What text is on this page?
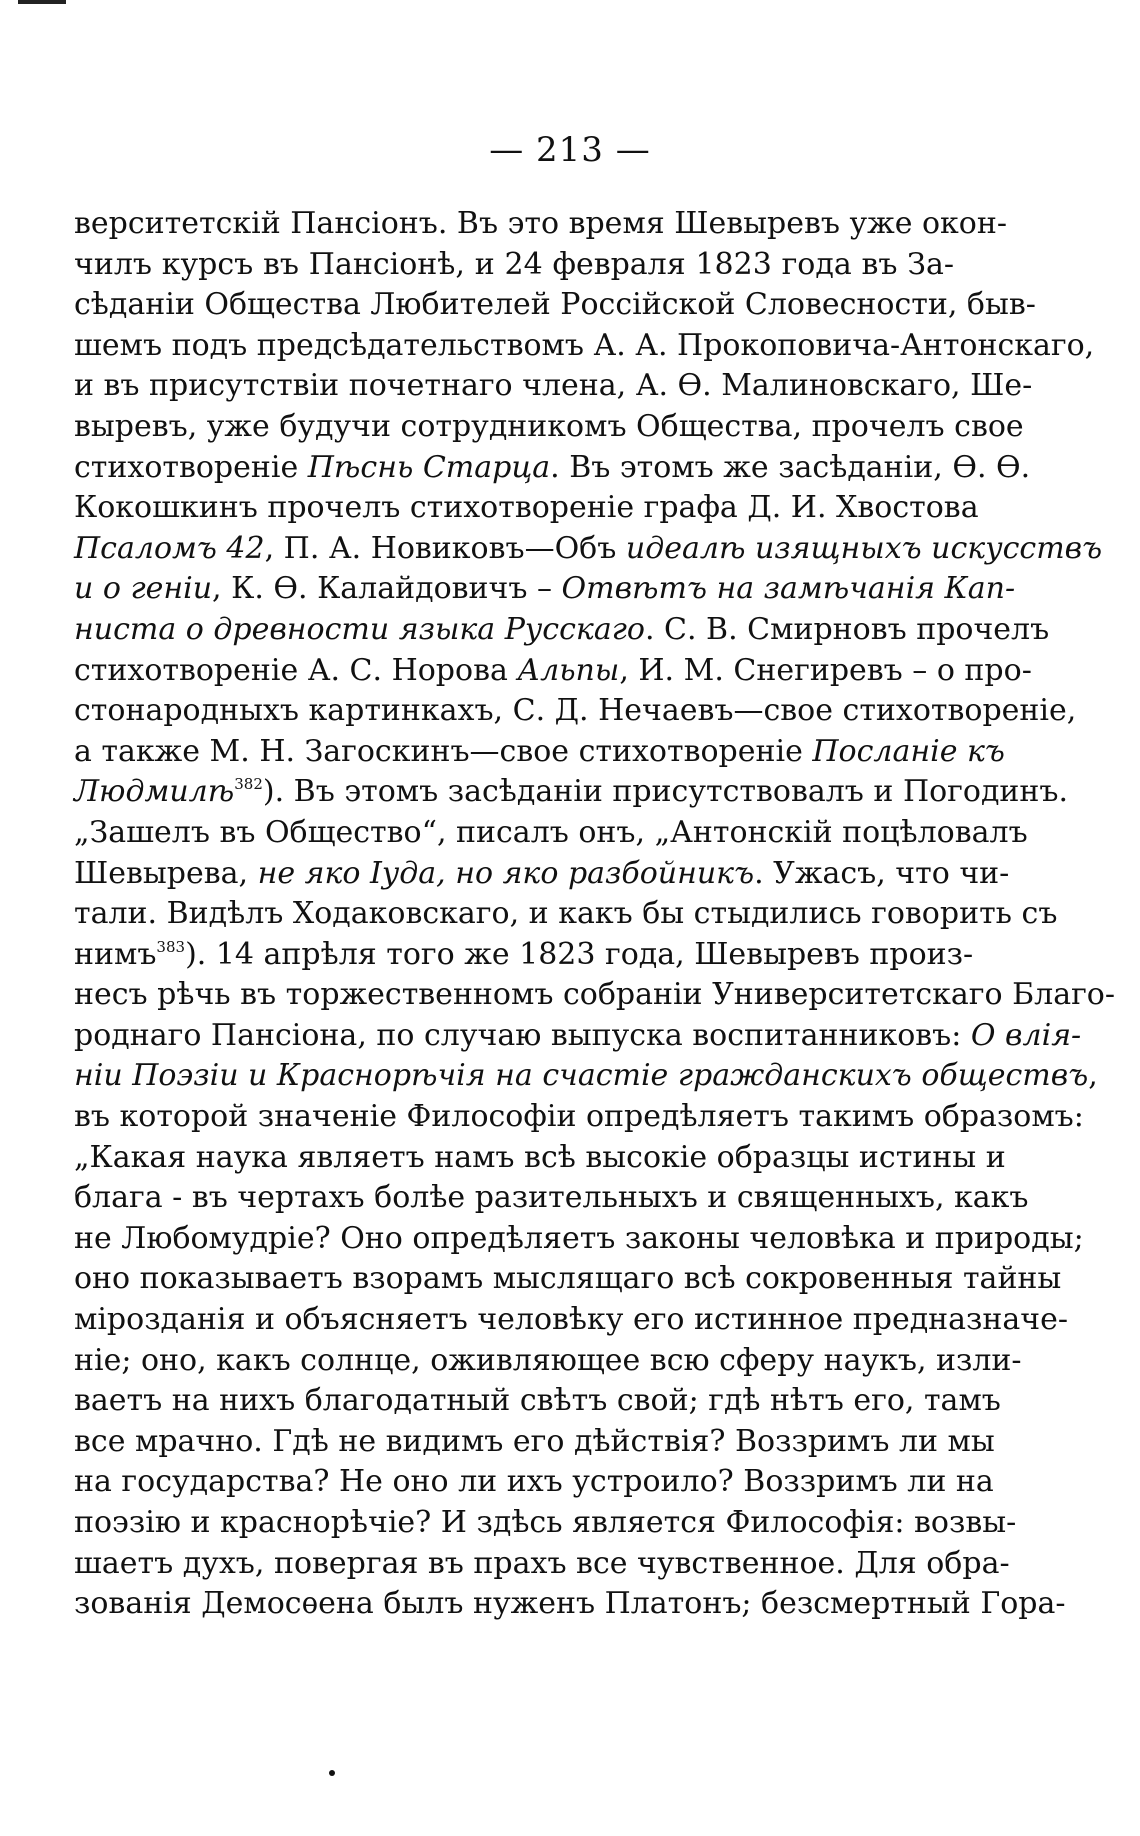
— 213 —
верситетскій Пансіонъ. Въ это время Шевыревъ уже окон-
чилъ курсъ въ Пансіонѣ, и 24 февраля 1823 года въ За-
сѣданіи Общества Любителей Россійской Словесности, быв-
шемъ подъ предсѣдательствомъ А. А. Прокоповича-Антонскаго,
и въ присутствіи почетнаго члена, А. Ѳ. Малиновскаго, Ше-
выревъ, уже будучи сотрудникомъ Общества, прочелъ свое
стихотвореніе Пѣснь Старца. Въ этомъ же засѣданіи, Ѳ. Ѳ.
Кокошкинъ прочелъ стихотвореніе графа Д. И. Хвостова
Псаломъ 42, П. А. Новиковъ—Объ идеалѣ изящныхъ искусствъ
и о геніи, К. Ѳ. Калайдовичъ – Отвѣтъ на замѣчанія Кап-
ниста о древности языка Русскаго. С. В. Смирновъ прочелъ
стихотвореніе А. С. Норова Альпы, И. М. Снегиревъ – о про-
стонародныхъ картинкахъ, С. Д. Нечаевъ—свое стихотвореніе,
а также М. Н. Загоскинъ—свое стихотвореніе Посланіе къ
Людмилѣ$^{382}$). Въ этомъ засѣданіи присутствовалъ и Погодинъ.
„Зашелъ въ Общество“, писалъ онъ, „Антонскій поцѣловалъ
Шевырева, не яко Іуда, но яко разбойникъ. Ужасъ, что чи-
тали. Видѣлъ Ходаковскаго, и какъ бы стыдились говорить съ
нимъ$^{383}$). 14 апрѣля того же 1823 года, Шевыревъ произ-
несъ рѣчь въ торжественномъ собраніи Университетскаго Благо-
роднаго Пансіона, по случаю выпуска воспитанниковъ: О влія-
ніи Поэзіи и Краснорѣчія на счастіе гражданскихъ обществъ,
въ которой значеніе Философіи опредѣляетъ такимъ образомъ:
„Какая наука являетъ намъ всѣ высокіе образцы истины и
блага - въ чертахъ болѣе разительныхъ и священныхъ, какъ
не Любомудріе? Оно опредѣляетъ законы человѣка и природы;
оно показываетъ взорамъ мыслящаго всѣ сокровенныя тайны
мірозданія и объясняетъ человѣку его истинное предназначе-
ніе; оно, какъ солнце, оживляющее всю сферу наукъ, изли-
ваетъ на нихъ благодатный свѣтъ свой; гдѣ нѣтъ его, тамъ
все мрачно. Гдѣ не видимъ его дѣйствія? Воззримъ ли мы
на государства? Не оно ли ихъ устроило? Воззримъ ли на
поэзію и краснорѣчіе? И здѣсь является Философія: возвы-
шаетъ духъ, повергая въ прахъ все чувственное. Для обра-
зованія Демосѳена былъ нуженъ Платонъ; безсмертный Гора-
